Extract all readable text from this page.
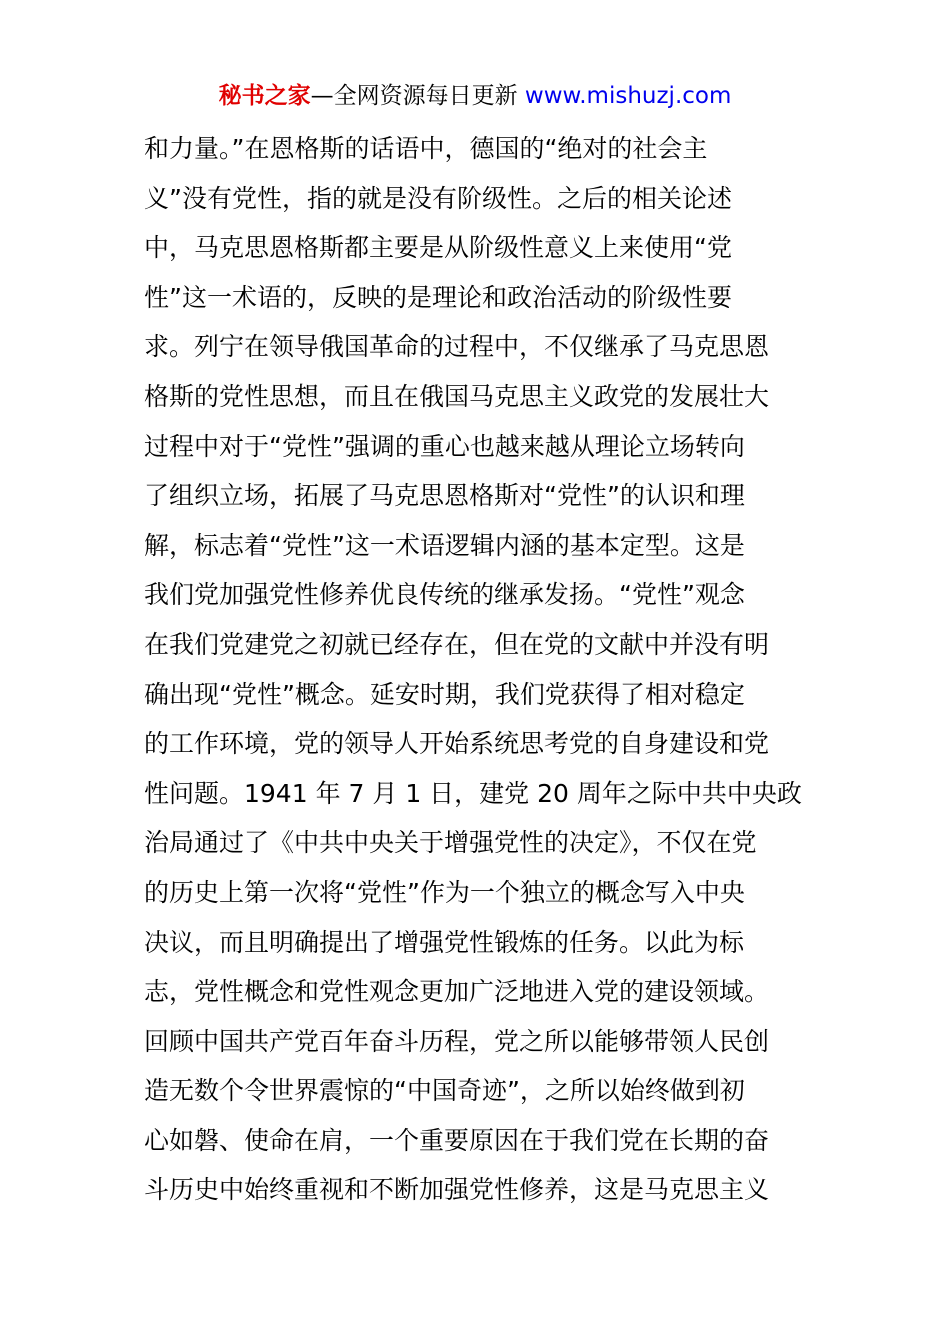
秘书之家—全网资源每日更新 www.mishuzj.com
和力量。”在恩格斯的话语中，德国的“绝对的社会主
义”没有党性，指的就是没有阶级性。之后的相关论述
中，马克思恩格斯都主要是从阶级性意义上来使用“党
性”这一术语的，反映的是理论和政治活动的阶级性要
求。列宁在领导俄国革命的过程中，不仅继承了马克思恩
格斯的党性思想，而且在俄国马克思主义政党的发展壮大
过程中对于“党性”强调的重心也越来越从理论立场转向
了组织立场，拓展了马克思恩格斯对“党性”的认识和理
解，标志着“党性”这一术语逻辑内涵的基本定型。这是
我们党加强党性修养优良传统的继承发扬。“党性”观念
在我们党建党之初就已经存在，但在党的文献中并没有明
确出现“党性”概念。延安时期，我们党获得了相对稳定
的工作环境，党的领导人开始系统思考党的自身建设和党
性问题。1941 年 7 月 1 日，建党 20 周年之际中共中央政
治局通过了《中共中央关于增强党性的决定》，不仅在党
的历史上第一次将“党性”作为一个独立的概念写入中央
决议，而且明确提出了增强党性锻炼的任务。以此为标
志，党性概念和党性观念更加广泛地进入党的建设领域。
回顾中国共产党百年奋斗历程，党之所以能够带领人民创
造无数个令世界震惊的“中国奇迹”，之所以始终做到初
心如磐、使命在肩，一个重要原因在于我们党在长期的奋
斗历史中始终重视和不断加强党性修养，这是马克思主义
